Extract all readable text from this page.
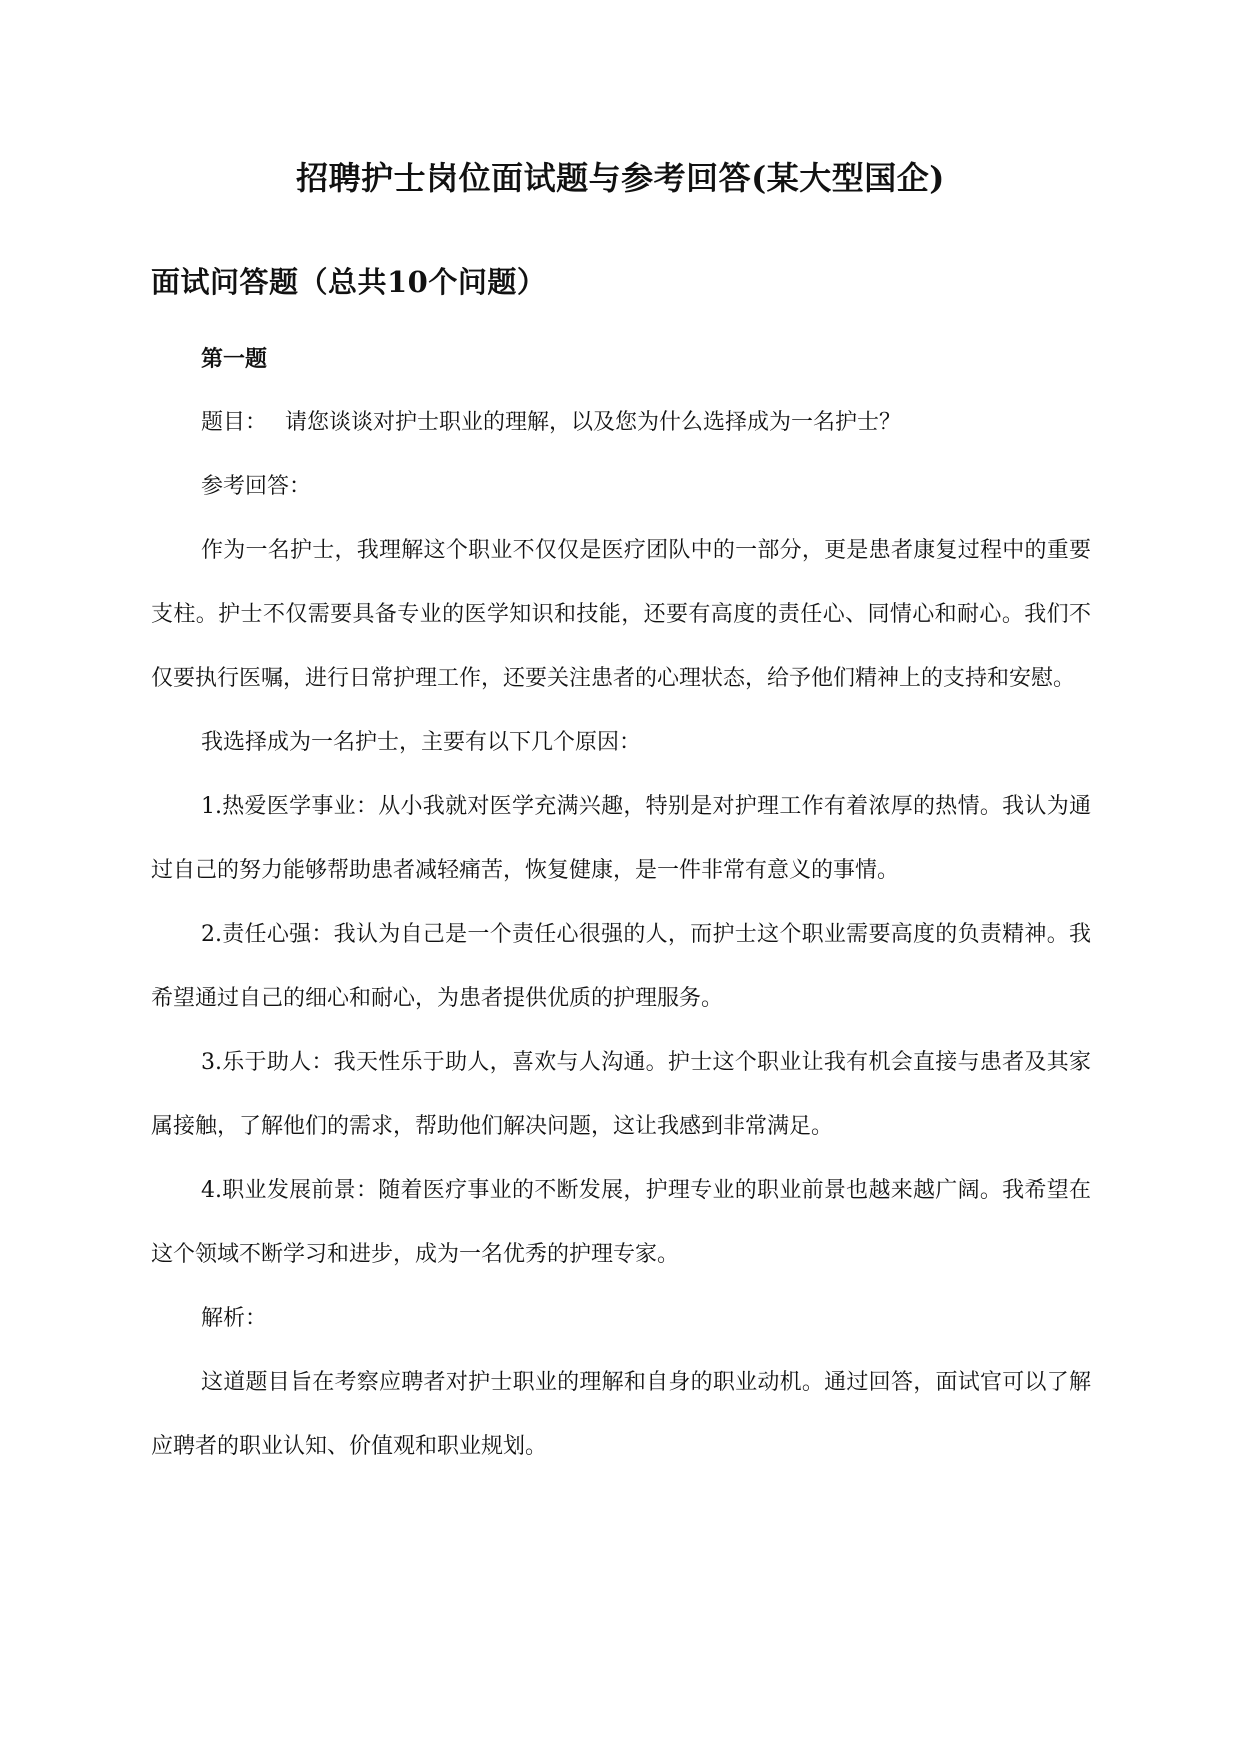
招聘护士岗位面试题与参考回答(某大型国企)
面试问答题（总共10个问题）
第一题
题目： 请您谈谈对护士职业的理解，以及您为什么选择成为一名护士？
参考回答：

作为一名护士，我理解这个职业不仅仅是医疗团队中的一部分，更是患者康复过程中的重要支柱。护士不仅需要具备专业的医学知识和技能，还要有高度的责任心、同情心和耐心。我们不仅要执行医嘱，进行日常护理工作，还要关注患者的心理状态，给予他们精神上的支持和安慰。

我选择成为一名护士，主要有以下几个原因：

1.热爱医学事业：从小我就对医学充满兴趣，特别是对护理工作有着浓厚的热情。我认为通过自己的努力能够帮助患者减轻痛苦，恢复健康，是一件非常有意义的事情。

2.责任心强：我认为自己是一个责任心很强的人，而护士这个职业需要高度的负责精神。我希望通过自己的细心和耐心，为患者提供优质的护理服务。

3.乐于助人：我天性乐于助人，喜欢与人沟通。护士这个职业让我有机会直接与患者及其家属接触，了解他们的需求，帮助他们解决问题，这让我感到非常满足。

4.职业发展前景：随着医疗事业的不断发展，护理专业的职业前景也越来越广阔。我希望在这个领域不断学习和进步，成为一名优秀的护理专家。

解析：

这道题目旨在考察应聘者对护士职业的理解和自身的职业动机。通过回答，面试官可以了解应聘者的职业认知、价值观和职业规划。
